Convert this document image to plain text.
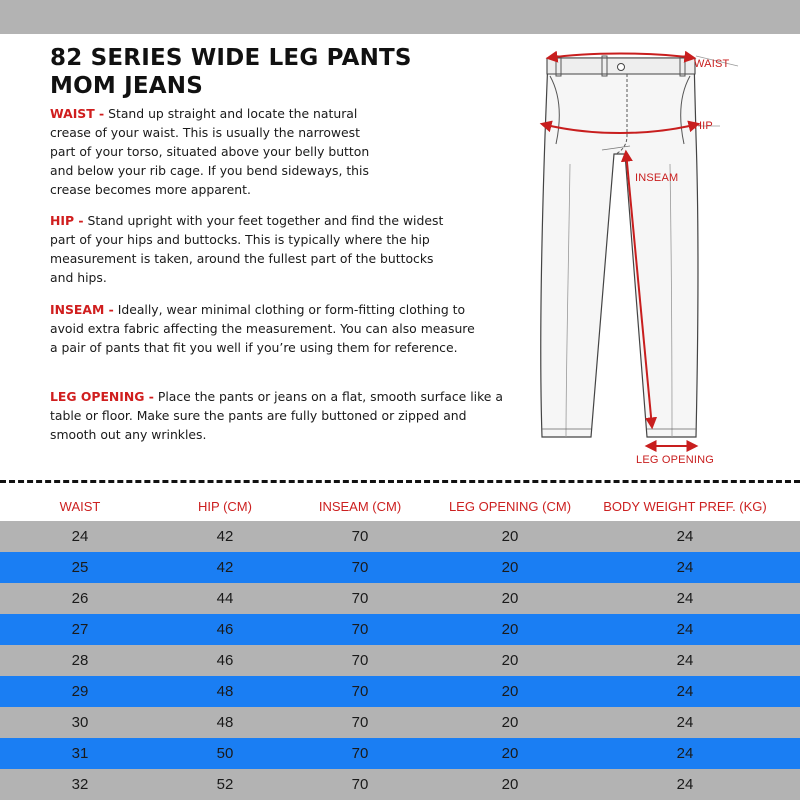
82 SERIES WIDE LEG PANTS MOM JEANS

WAIST - Stand up straight and locate the natural crease of your waist. This is usually the narrowest part of your torso, situated above your belly button and below your rib cage. If you bend sideways, this crease becomes more apparent.

HIP - Stand upright with your feet together and find the widest part of your hips and buttocks. This is typically where the hip measurement is taken, around the fullest part of the buttocks and hips.

INSEAM - Ideally, wear minimal clothing or form-fitting clothing to avoid extra fabric affecting the measurement. You can also measure a pair of pants that fit you well if you’re using them for reference.

LEG OPENING - Place the pants or jeans on a flat, smooth surface like a table or floor. Make sure the pants are fully buttoned or zipped and smooth out any wrinkles.

WAIST
HIP
INSEAM
LEG OPENING
WAIST	HIP (CM)	INSEAM (CM)	LEG OPENING (CM)	BODY WEIGHT PREF. (KG)
24	42	70	20	24
25	42	70	20	24
26	44	70	20	24
27	46	70	20	24
28	46	70	20	24
29	48	70	20	24
30	48	70	20	24
31	50	70	20	24
32	52	70	20	24
